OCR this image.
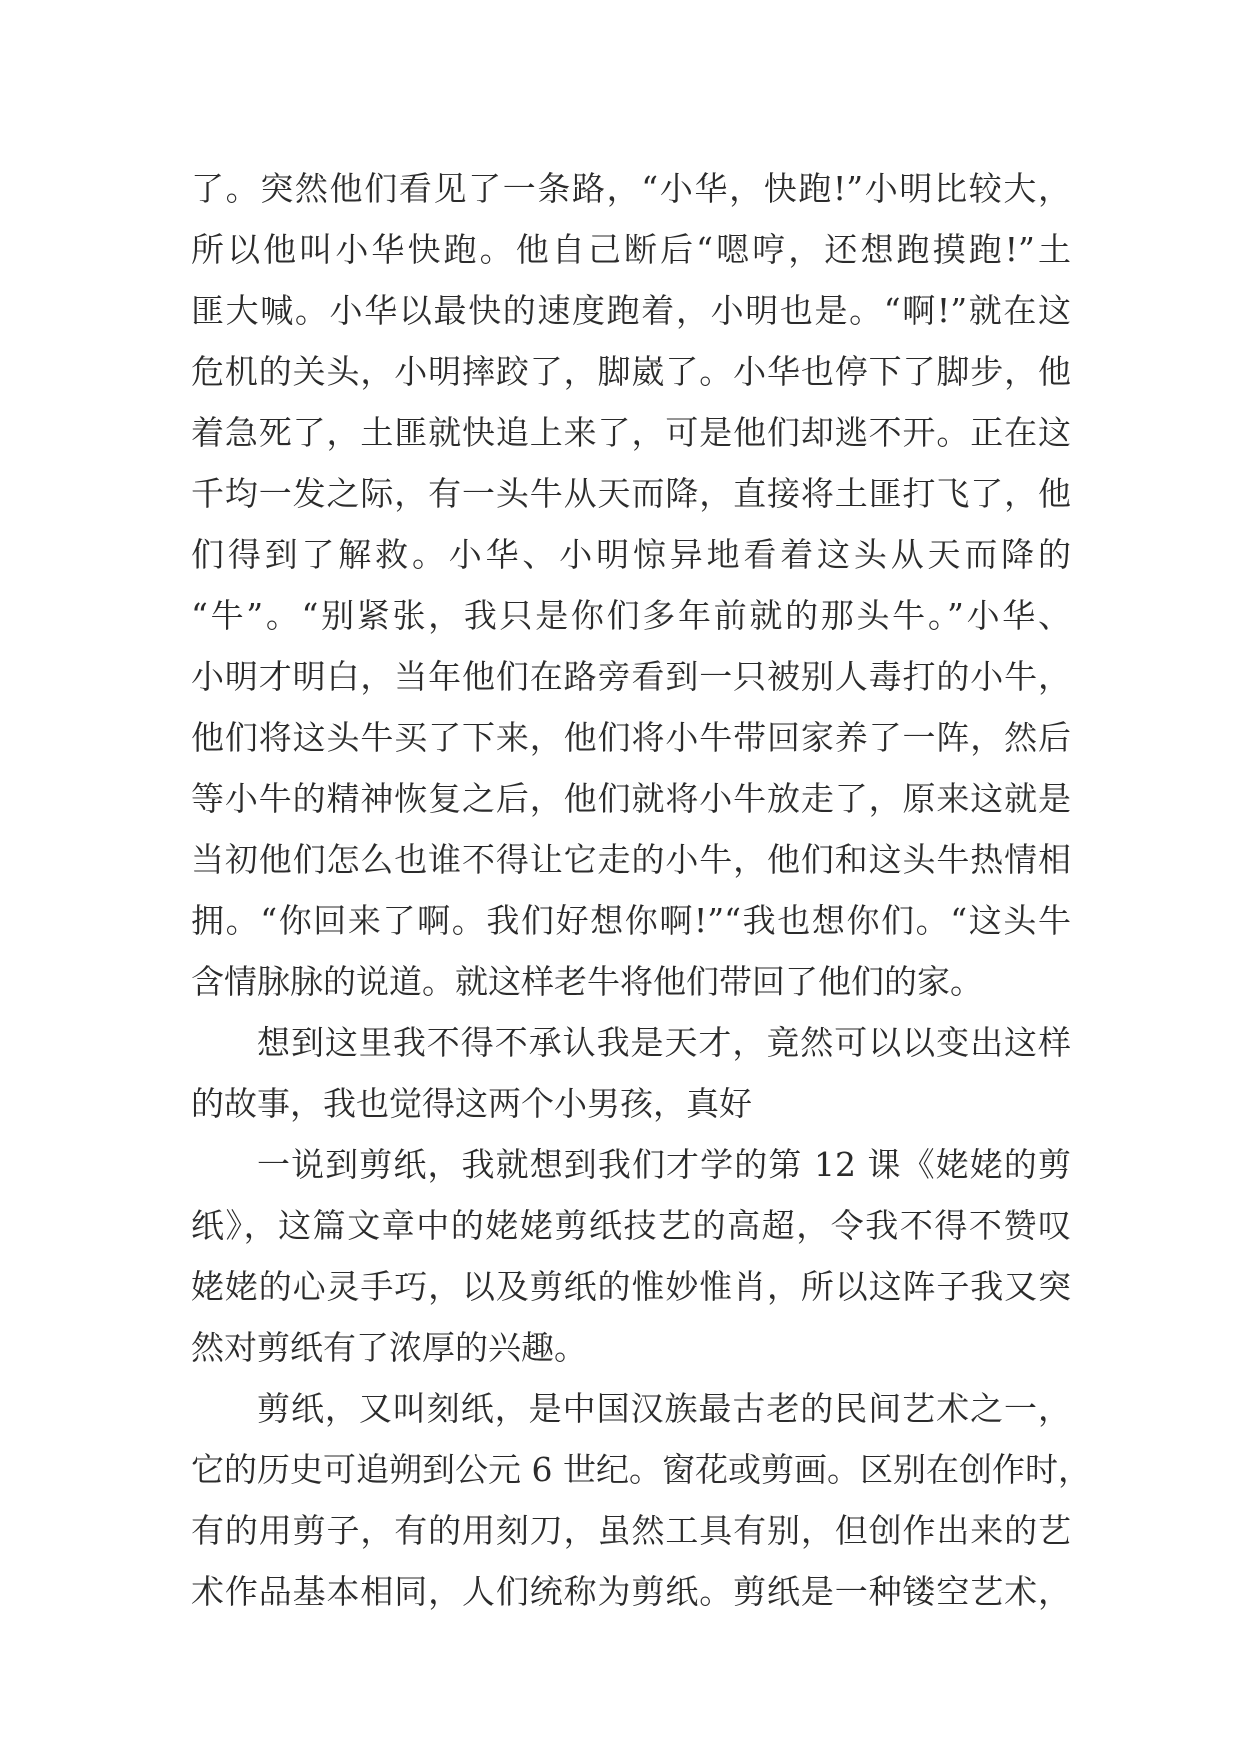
了。突然他们看见了一条路，“小华，快跑!”小明比较大，
所以他叫小华快跑。他自己断后“嗯哼，还想跑摸跑!”土
匪大喊。小华以最快的速度跑着，小明也是。“啊!”就在这
危机的关头，小明摔跤了，脚崴了。小华也停下了脚步，他
着急死了，土匪就快追上来了，可是他们却逃不开。正在这
千均一发之际，有一头牛从天而降，直接将土匪打飞了，他
们得到了解救。小华、小明惊异地看着这头从天而降的
“牛”。“别紧张，我只是你们多年前就的那头牛。”小华、
小明才明白，当年他们在路旁看到一只被别人毒打的小牛，
他们将这头牛买了下来，他们将小牛带回家养了一阵，然后
等小牛的精神恢复之后，他们就将小牛放走了，原来这就是
当初他们怎么也谁不得让它走的小牛，他们和这头牛热情相
拥。“你回来了啊。我们好想你啊!”“我也想你们。“这头牛
含情脉脉的说道。就这样老牛将他们带回了他们的家。
想到这里我不得不承认我是天才，竟然可以以变出这样
的故事，我也觉得这两个小男孩，真好
一说到剪纸，我就想到我们才学的第 12 课《姥姥的剪
纸》，这篇文章中的姥姥剪纸技艺的高超，令我不得不赞叹
姥姥的心灵手巧，以及剪纸的惟妙惟肖，所以这阵子我又突
然对剪纸有了浓厚的兴趣。
剪纸，又叫刻纸，是中国汉族最古老的民间艺术之一，
它的历史可追朔到公元 6 世纪。窗花或剪画。区别在创作时，
有的用剪子，有的用刻刀，虽然工具有别，但创作出来的艺
术作品基本相同，人们统称为剪纸。剪纸是一种镂空艺术，
